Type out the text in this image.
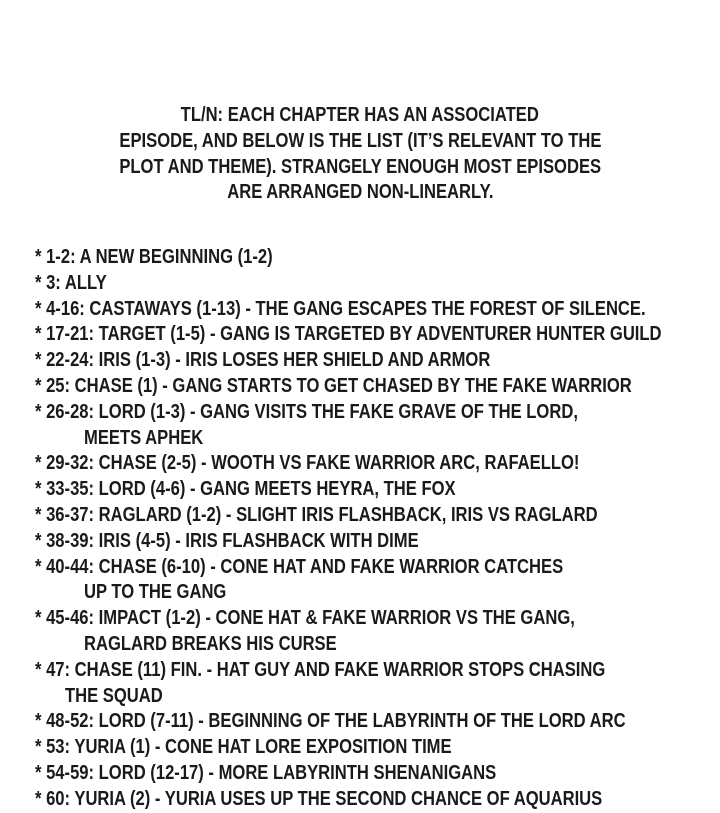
TL/N: EACH CHAPTER HAS AN ASSOCIATED
EPISODE, AND BELOW IS THE LIST (IT’S RELEVANT TO THE
PLOT AND THEME). STRANGELY ENOUGH MOST EPISODES
ARE ARRANGED NON-LINEARLY.
* 1-2: A NEW BEGINNING (1-2)
* 3: ALLY
* 4-16: CASTAWAYS (1-13) - THE GANG ESCAPES THE FOREST OF SILENCE.
* 17-21: TARGET (1-5) - GANG IS TARGETED BY ADVENTURER HUNTER GUILD
* 22-24: IRIS (1-3) - IRIS LOSES HER SHIELD AND ARMOR
* 25: CHASE (1) - GANG STARTS TO GET CHASED BY THE FAKE WARRIOR
* 26-28: LORD (1-3) - GANG VISITS THE FAKE GRAVE OF THE LORD,
MEETS APHEK
* 29-32: CHASE (2-5) - WOOTH VS FAKE WARRIOR ARC, RAFAELLO!
* 33-35: LORD (4-6) - GANG MEETS HEYRA, THE FOX
* 36-37: RAGLARD (1-2) - SLIGHT IRIS FLASHBACK, IRIS VS RAGLARD
* 38-39: IRIS (4-5) - IRIS FLASHBACK WITH DIME
* 40-44: CHASE (6-10) - CONE HAT AND FAKE WARRIOR CATCHES
UP TO THE GANG
* 45-46: IMPACT (1-2) - CONE HAT & FAKE WARRIOR VS THE GANG,
RAGLARD BREAKS HIS CURSE
* 47: CHASE (11) FIN. - HAT GUY AND FAKE WARRIOR STOPS CHASING
THE SQUAD
* 48-52: LORD (7-11) - BEGINNING OF THE LABYRINTH OF THE LORD ARC
* 53: YURIA (1) - CONE HAT LORE EXPOSITION TIME
* 54-59: LORD (12-17) - MORE LABYRINTH SHENANIGANS
* 60: YURIA (2) - YURIA USES UP THE SECOND CHANCE OF AQUARIUS
